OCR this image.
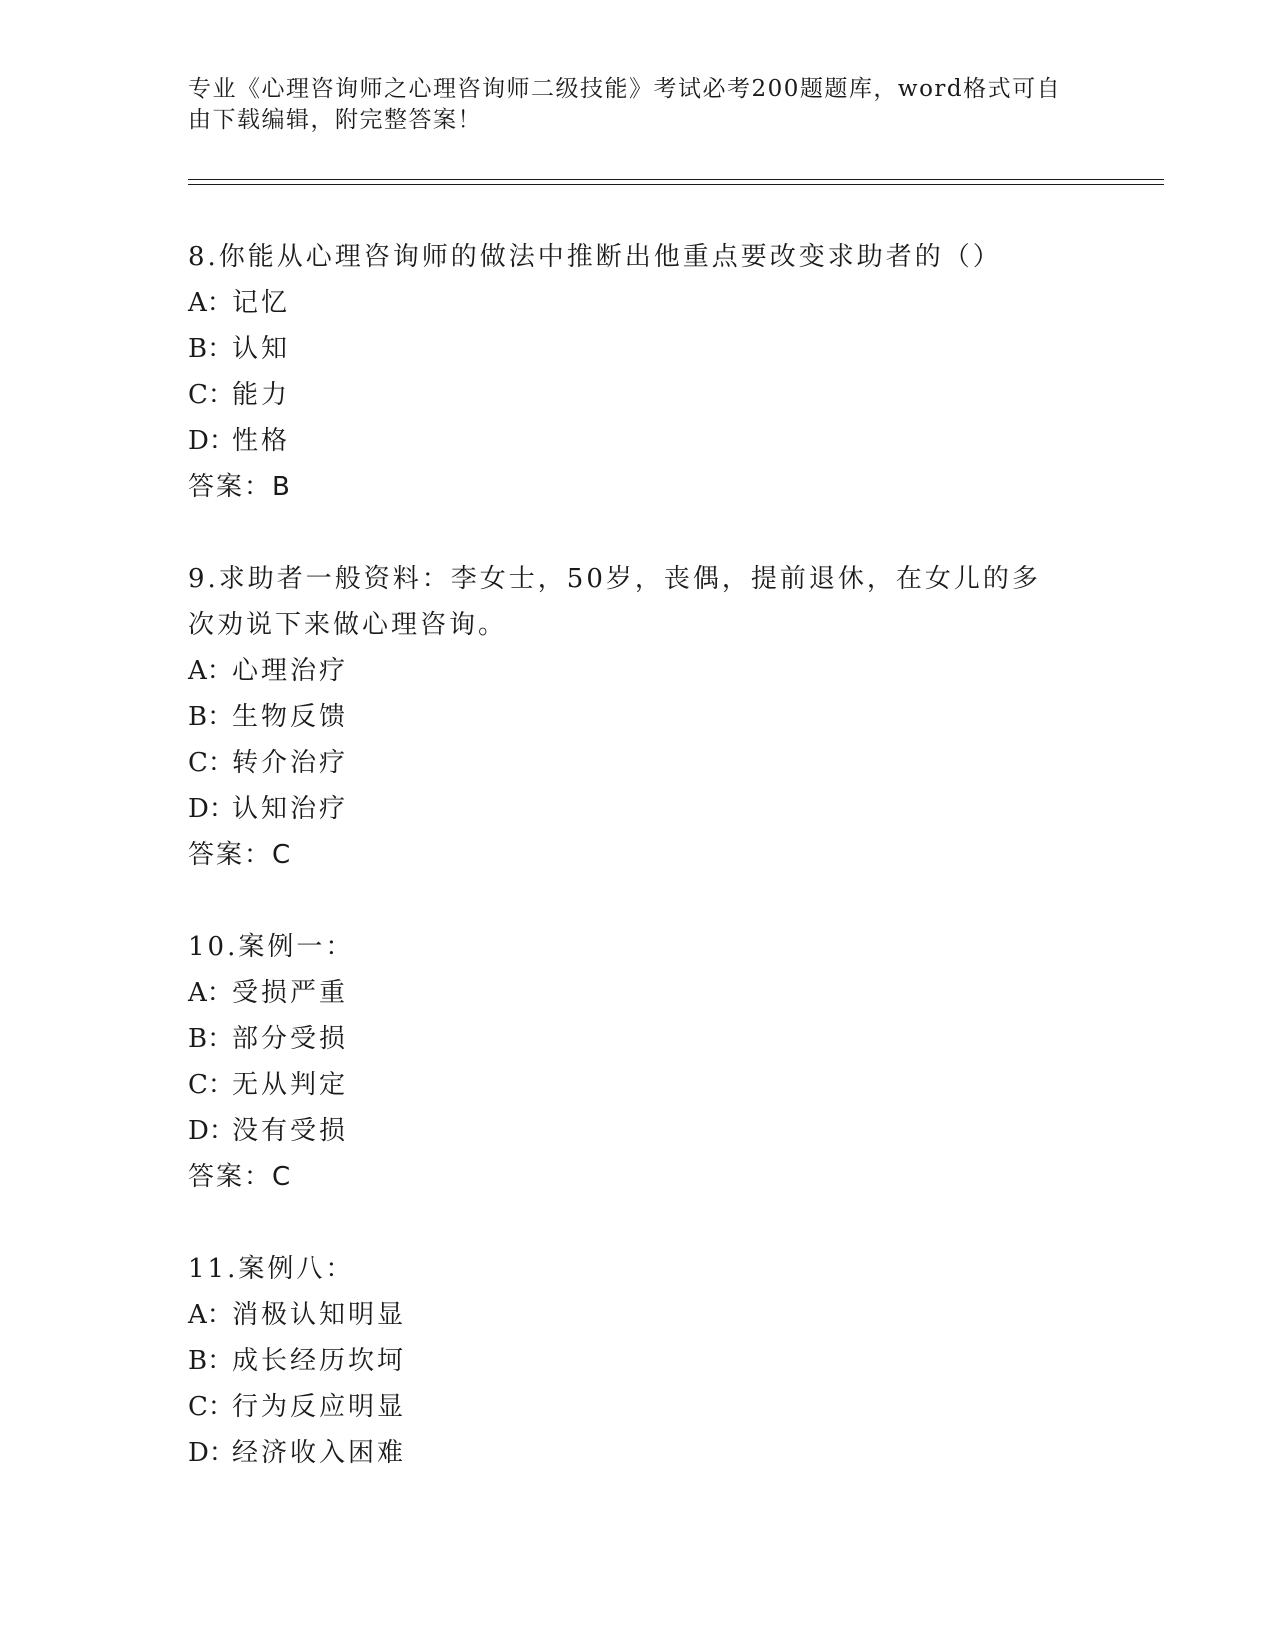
专业《心理咨询师之心理咨询师二级技能》考试必考200题题库，word格式可自由下载编辑，附完整答案！

8.你能从心理咨询师的做法中推断出他重点要改变求助者的（）

A：记忆

B：认知

C：能力

D：性格

答案：B

9.求助者一般资料：李女士，50岁，丧偶，提前退休，在女儿的多次劝说下来做心理咨询。

A：心理治疗

B：生物反馈

C：转介治疗

D：认知治疗

答案：C

10.案例一：

A：受损严重

B：部分受损

C：无从判定

D：没有受损

答案：C

11.案例八：

A：消极认知明显

B：成长经历坎坷

C：行为反应明显

D：经济收入困难
